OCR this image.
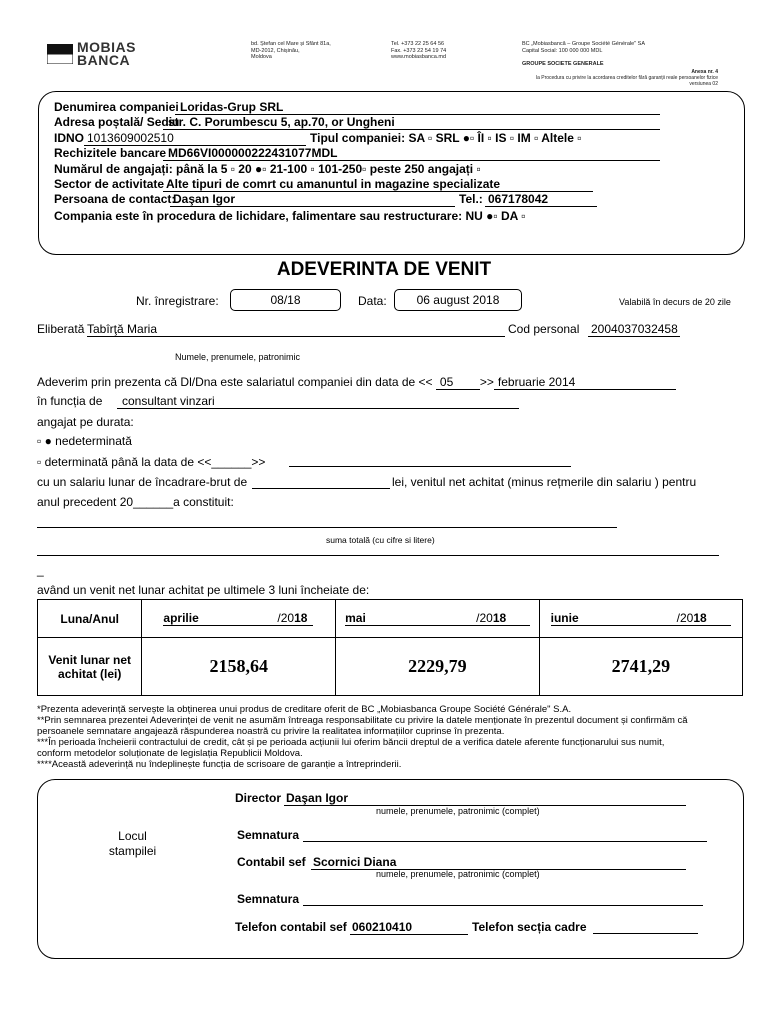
MOBIAS
BANCA
bd. Ștefan cel Mare și Sfânt 81a,
MD-2012, Chișinău,
Moldova
Tel. +373 22 25 64 56
Fax. +373 22 54 19 74
www.mobiasbanca.md
BC „Mobiasbancă – Groupe Société Générale" SA
Capital Social: 100 000 000 MDL
GROUPE SOCIETE GENERALE
Anexa nr. 4
la Procedura cu privire la acordarea creditelor fără garanții reale persoanelor fizice
versiunea 02
Denumirea companiei Loridas-Grup SRL
Adresa poștală/ Sediu
str. C. Porumbescu 5, ap.70, or Ungheni
IDNO 1013609002510	Tipul companiei: SA ▫ SRL ●▫ ÎI ▫ IS ▫ IM ▫ Altele ▫
Rechizitele bancare MD66VI000000222431077MDL
Numărul de angajați: până la 5 ▫ 20 ●▫ 21-100 ▫ 101-250▫ peste 250 angajați ▫
Sector de activitate Alte tipuri de comrt cu amanuntul in magazine specializate
Persoana de contact:
Daşan Igor	Tel.: 067178042
Compania este în procedura de lichidare, falimentare sau restructurare: NU ●▫ DA ▫
ADEVERINTA DE VENIT
Nr. înregistrare:	08/18	Data:	06 august 2018	Valabilă în decurs de 20 zile
Eliberată Tabîrţă Maria	Cod personal 2004037032458
Numele, prenumele, patronimic
Adeverim prin prezenta că Dl/Dna este salariatul companiei din data de << 05 >> februarie 2014
în funcția de	consultant vinzari
angajat pe durata:
▫ ● nedeterminată
▫ determinată până la data de <<______>>
cu un salariu lunar de încadrare-brut de	lei, venitul net achitat (minus rețmerile din salariu ) pentru
anul precedent 20______a constituit:
suma totală (cu cifre si litere)
_
având un venit net lunar achitat pe ultimele 3 luni încheiate de:
Luna/Anul	aprilie /2018	mai /2018	iunie /2018

Venit lunar net achitat (lei)	2158,64	2229,79	2741,29
*Prezenta adeverință servește la obținerea unui produs de creditare oferit de BC „Mobiasbanca Groupe Société Générale" S.A.
**Prin semnarea prezentei Adeverinței de venit ne asumăm întreaga responsabilitate cu privire la datele menționate în prezentul document și confirmăm că
persoanele semnatare angajează răspunderea noastră cu privire la realitatea informațiilor cuprinse în prezenta.
***În perioada încheierii contractului de credit, cât și pe perioada acțiunii lui oferim băncii dreptul de a verifica datele aferente funcționarului sus numit,
conform metodelor soluționate de legislația Republicii Moldova.
****Această adeverință nu îndeplinește funcția de scrisoare de garanție a întreprinderii.
Locul
stampilei
Director Daşan Igor
numele, prenumele, patronimic (complet)
Semnatura
Contabil sef Scornici Diana
numele, prenumele, patronimic (complet)
Semnatura
Telefon contabil sef 060210410	Telefon secția cadre
